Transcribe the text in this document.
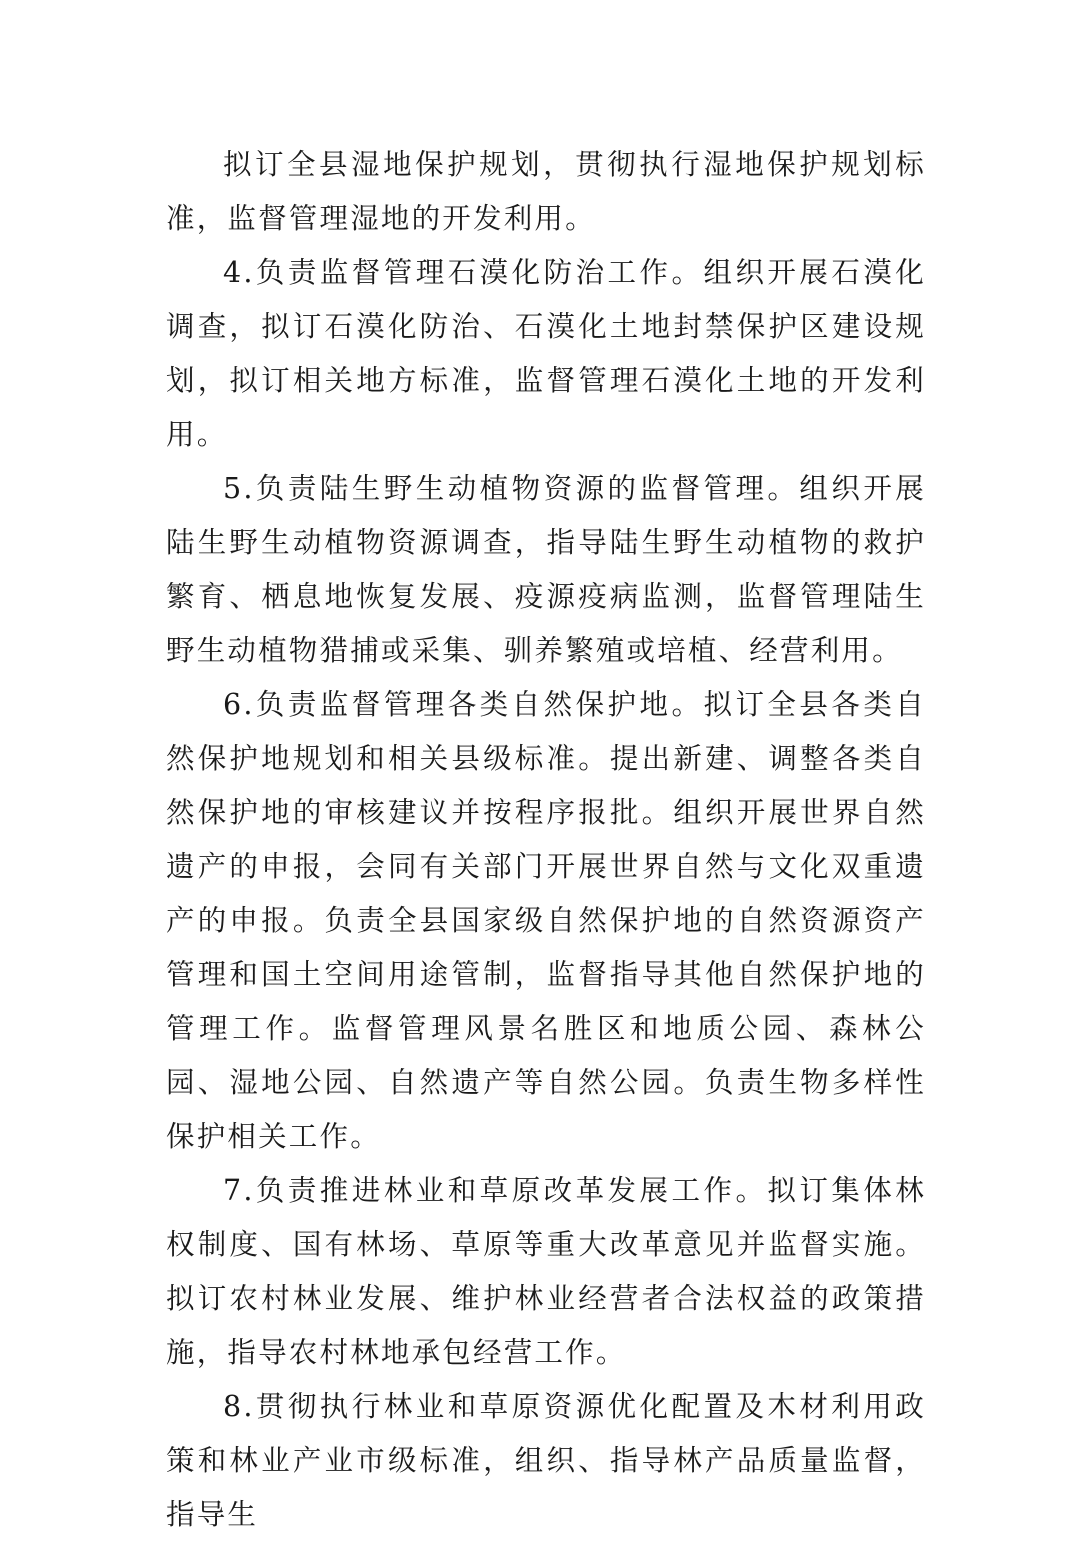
拟订全县湿地保护规划，贯彻执行湿地保护规划标准，监督管理湿地的开发利用。

4.负责监督管理石漠化防治工作。组织开展石漠化调查，拟订石漠化防治、石漠化土地封禁保护区建设规划，拟订相关地方标准，监督管理石漠化土地的开发利用。

5.负责陆生野生动植物资源的监督管理。组织开展陆生野生动植物资源调查，指导陆生野生动植物的救护繁育、栖息地恢复发展、疫源疫病监测，监督管理陆生野生动植物猎捕或采集、驯养繁殖或培植、经营利用。

6.负责监督管理各类自然保护地。拟订全县各类自然保护地规划和相关县级标准。提出新建、调整各类自然保护地的审核建议并按程序报批。组织开展世界自然遗产的申报，会同有关部门开展世界自然与文化双重遗产的申报。负责全县国家级自然保护地的自然资源资产管理和国土空间用途管制，监督指导其他自然保护地的管理工作。监督管理风景名胜区和地质公园、森林公园、湿地公园、自然遗产等自然公园。负责生物多样性保护相关工作。

7.负责推进林业和草原改革发展工作。拟订集体林权制度、国有林场、草原等重大改革意见并监督实施。拟订农村林业发展、维护林业经营者合法权益的政策措施，指导农村林地承包经营工作。

8.贯彻执行林业和草原资源优化配置及木材利用政策和林业产业市级标准，组织、指导林产品质量监督，指导生
